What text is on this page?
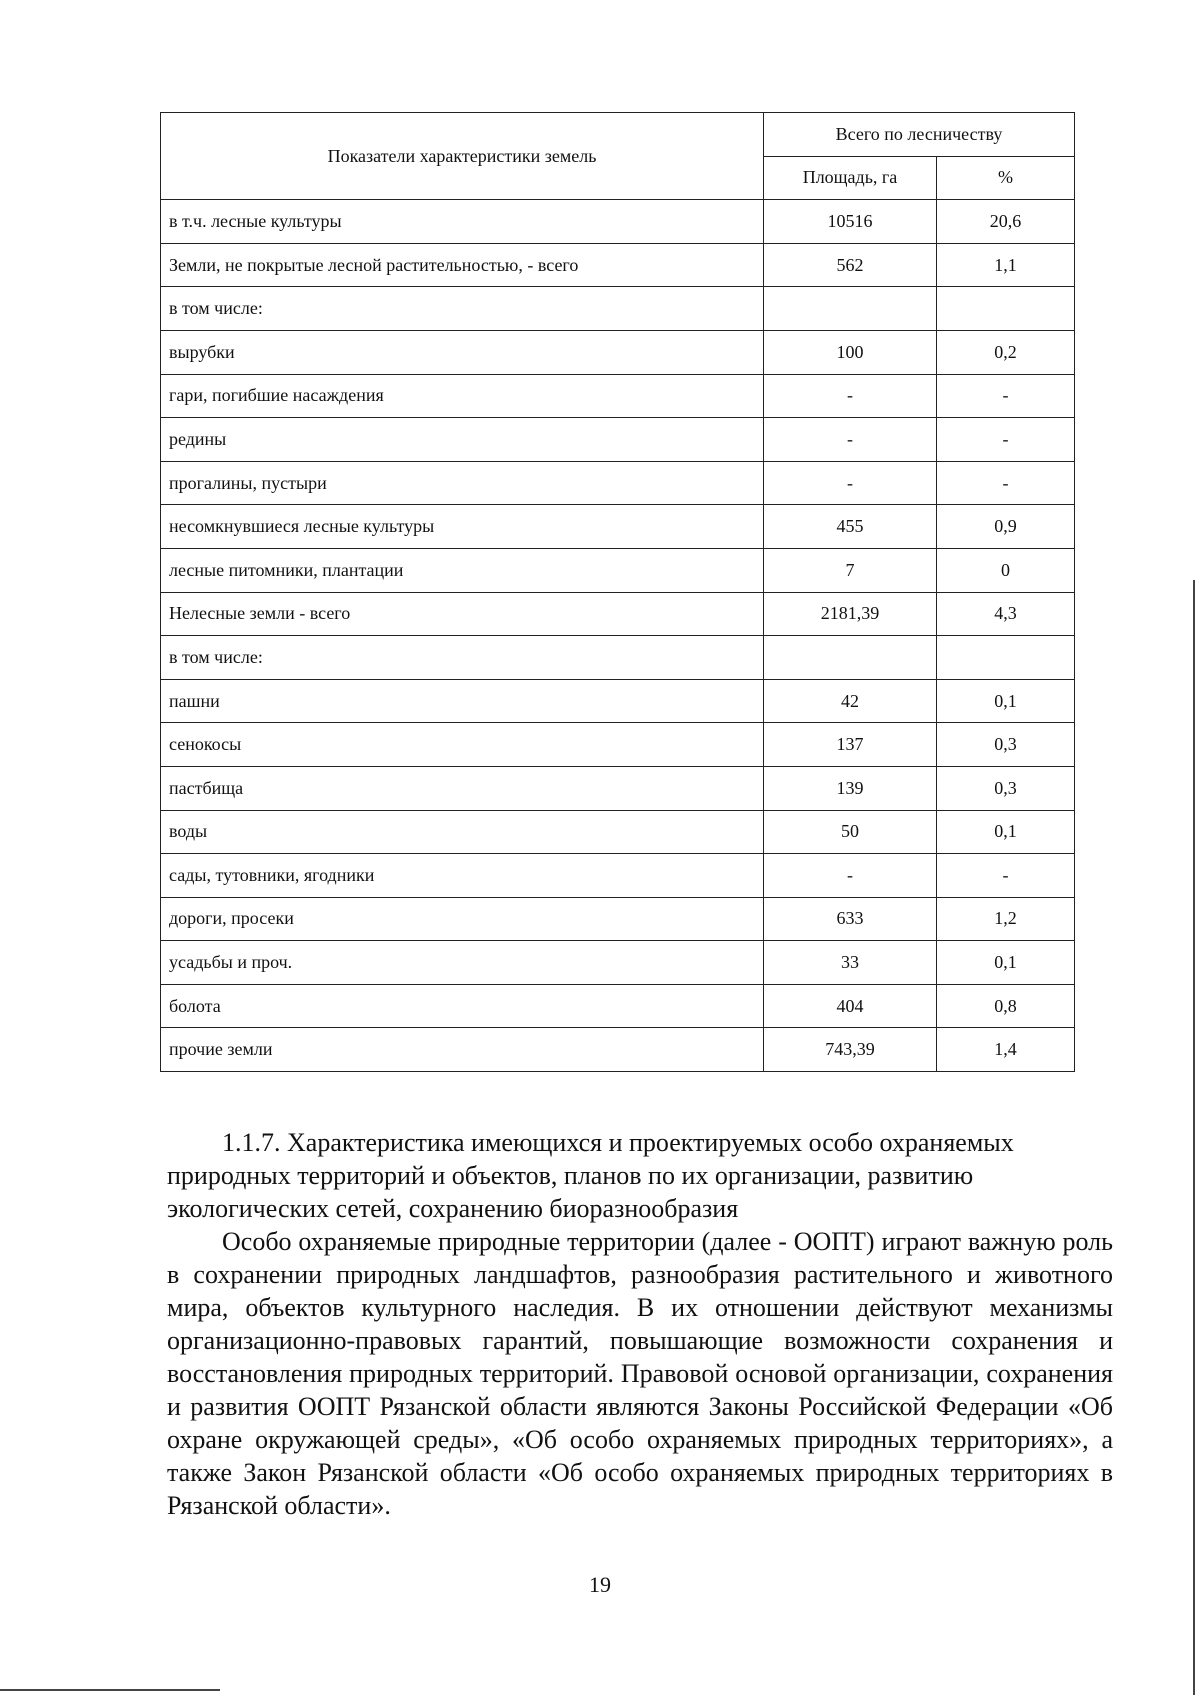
Показатели характеристики земель	Всего по лесничеству	
	Площадь, га	%
в т.ч. лесные культуры	10516	20,6
Земли, не покрытые лесной растительностью, - всего	562	1,1
в том числе:		
вырубки	100	0,2
гари, погибшие насаждения	-	-
редины	-	-
прогалины, пустыри	-	-
несомкнувшиеся лесные культуры	455	0,9
лесные питомники, плантации	7	0
Нелесные земли - всего	2181,39	4,3
в том числе:		
пашни	42	0,1
сенокосы	137	0,3
пастбища	139	0,3
воды	50	0,1
сады, тутовники, ягодники	-	-
дороги, просеки	633	1,2
усадьбы и проч.	33	0,1
болота	404	0,8
прочие земли	743,39	1,4

1.1.7. Характеристика имеющихся и проектируемых особо охраняемых природных территорий и объектов, планов по их организации, развитию экологических сетей, сохранению биоразнообразия

Особо охраняемые природные территории (далее - ООПТ) играют важную роль в сохранении природных ландшафтов, разнообразия растительного и животного мира, объектов культурного наследия. В их отношении действуют механизмы организационно-правовых гарантий, повышающие возможности сохранения и восстановления природных территорий. Правовой основой организации, сохранения и развития ООПТ Рязанской области являются Законы Российской Федерации «Об охране окружающей среды», «Об особо охраняемых природных территориях», а также Закон Рязанской области «Об особо охраняемых природных территориях в Рязанской области».

19
